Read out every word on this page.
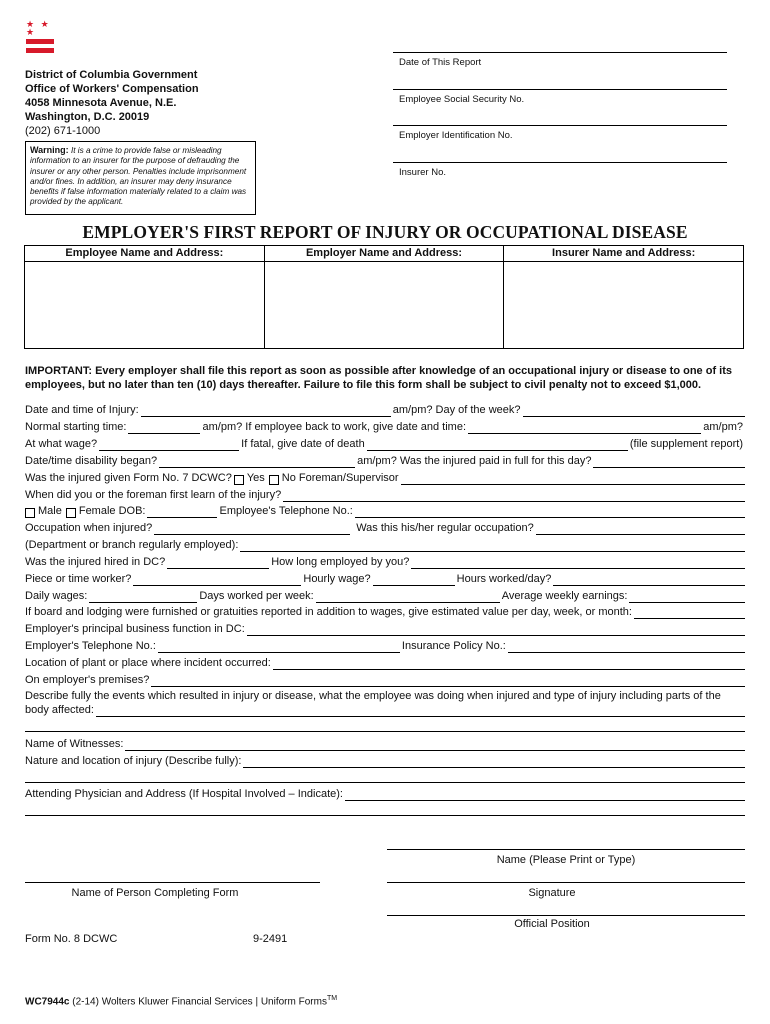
★ ★ ★
District of Columbia Government
Office of Workers' Compensation
4058 Minnesota Avenue, N.E.
Washington, D.C. 20019
(202) 671-1000
Warning: It is a crime to provide false or misleading information to an insurer for the purpose of defrauding the insurer or any other person. Penalties include imprisonment and/or fines. In addition, an insurer may deny insurance benefits if false information materially related to a claim was provided by the applicant.
Date of This Report
Employee Social Security No.
Employer Identification No.
Insurer No.
EMPLOYER'S FIRST REPORT OF INJURY OR OCCUPATIONAL DISEASE
Employee Name and Address:	Employer Name and Address:	Insurer Name and Address:
IMPORTANT: Every employer shall file this report as soon as possible after knowledge of an occupational injury or disease to one of its employees, but no later than ten (10) days thereafter. Failure to file this form shall be subject to civil penalty not to exceed $1,000.
Date and time of Injury:	am/pm? Day of the week?
Normal starting time:	am/pm? If employee back to work, give date and time:	am/pm?
At what wage?	If fatal, give date of death	(file supplement report)
Date/time disability began?	am/pm? Was the injured paid in full for this day?
Was the injured given Form No. 7 DCWC? Yes No Foreman/Supervisor
When did you or the foreman first learn of the injury?
Male Female DOB:	Employee's Telephone No.:
Occupation when injured?	Was this his/her regular occupation?
(Department or branch regularly employed):
Was the injured hired in DC?	How long employed by you?
Piece or time worker?	Hourly wage?	Hours worked/day?
Daily wages:	Days worked per week:	Average weekly earnings:
If board and lodging were furnished or gratuities reported in addition to wages, give estimated value per day, week, or month:
Employer's principal business function in DC:
Employer's Telephone No.:	Insurance Policy No.:
Location of plant or place where incident occurred:
On employer's premises?
Describe fully the events which resulted in injury or disease, what the employee was doing when injured and type of injury including parts of the
body affected:
Name of Witnesses:
Nature and location of injury (Describe fully):
Attending Physician and Address (If Hospital Involved – Indicate):
Name (Please Print or Type)
Name of Person Completing Form	Signature
Official Position
Form No. 8 DCWC	9-2491
WC7944c (2-14) Wolters Kluwer Financial Services | Uniform Forms™
